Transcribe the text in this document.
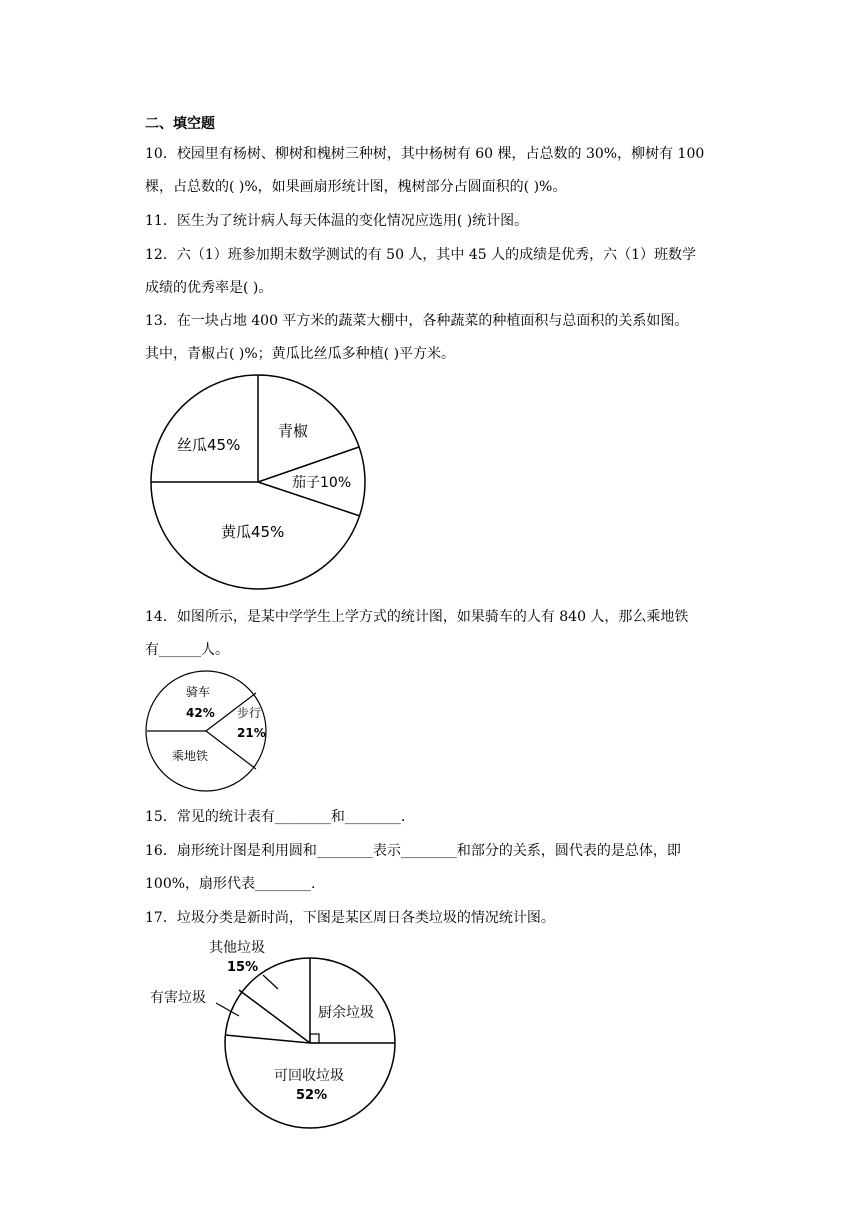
二、填空题
10．校园里有杨树、柳树和槐树三种树，其中杨树有 60 棵，占总数的 30%，柳树有 100
棵，占总数的( )%，如果画扇形统计图，槐树部分占圆面积的( )%。
11．医生为了统计病人每天体温的变化情况应选用( )统计图。
12．六（1）班参加期末数学测试的有 50 人，其中 45 人的成绩是优秀，六（1）班数学
成绩的优秀率是( )。
13．在一块占地 400 平方米的蔬菜大棚中，各种蔬菜的种植面积与总面积的关系如图。
其中，青椒占( )%；黄瓜比丝瓜多种植( )平方米。
青椒
茄子10%
黄瓜45%
丝瓜45%
14．如图所示，是某中学学生上学方式的统计图，如果骑车的人有 840 人，那么乘地铁
有______人。
骑车
42% 步行
21%
乘地铁
15．常见的统计表有________和________.
16．扇形统计图是利用圆和________表示________和部分的关系，圆代表的是总体，即
100%，扇形代表________.
17．垃圾分类是新时尚，下图是某区周日各类垃圾的情况统计图。
其他垃圾
15%
有害垃圾
厨余垃圾
可回收垃圾
52%
